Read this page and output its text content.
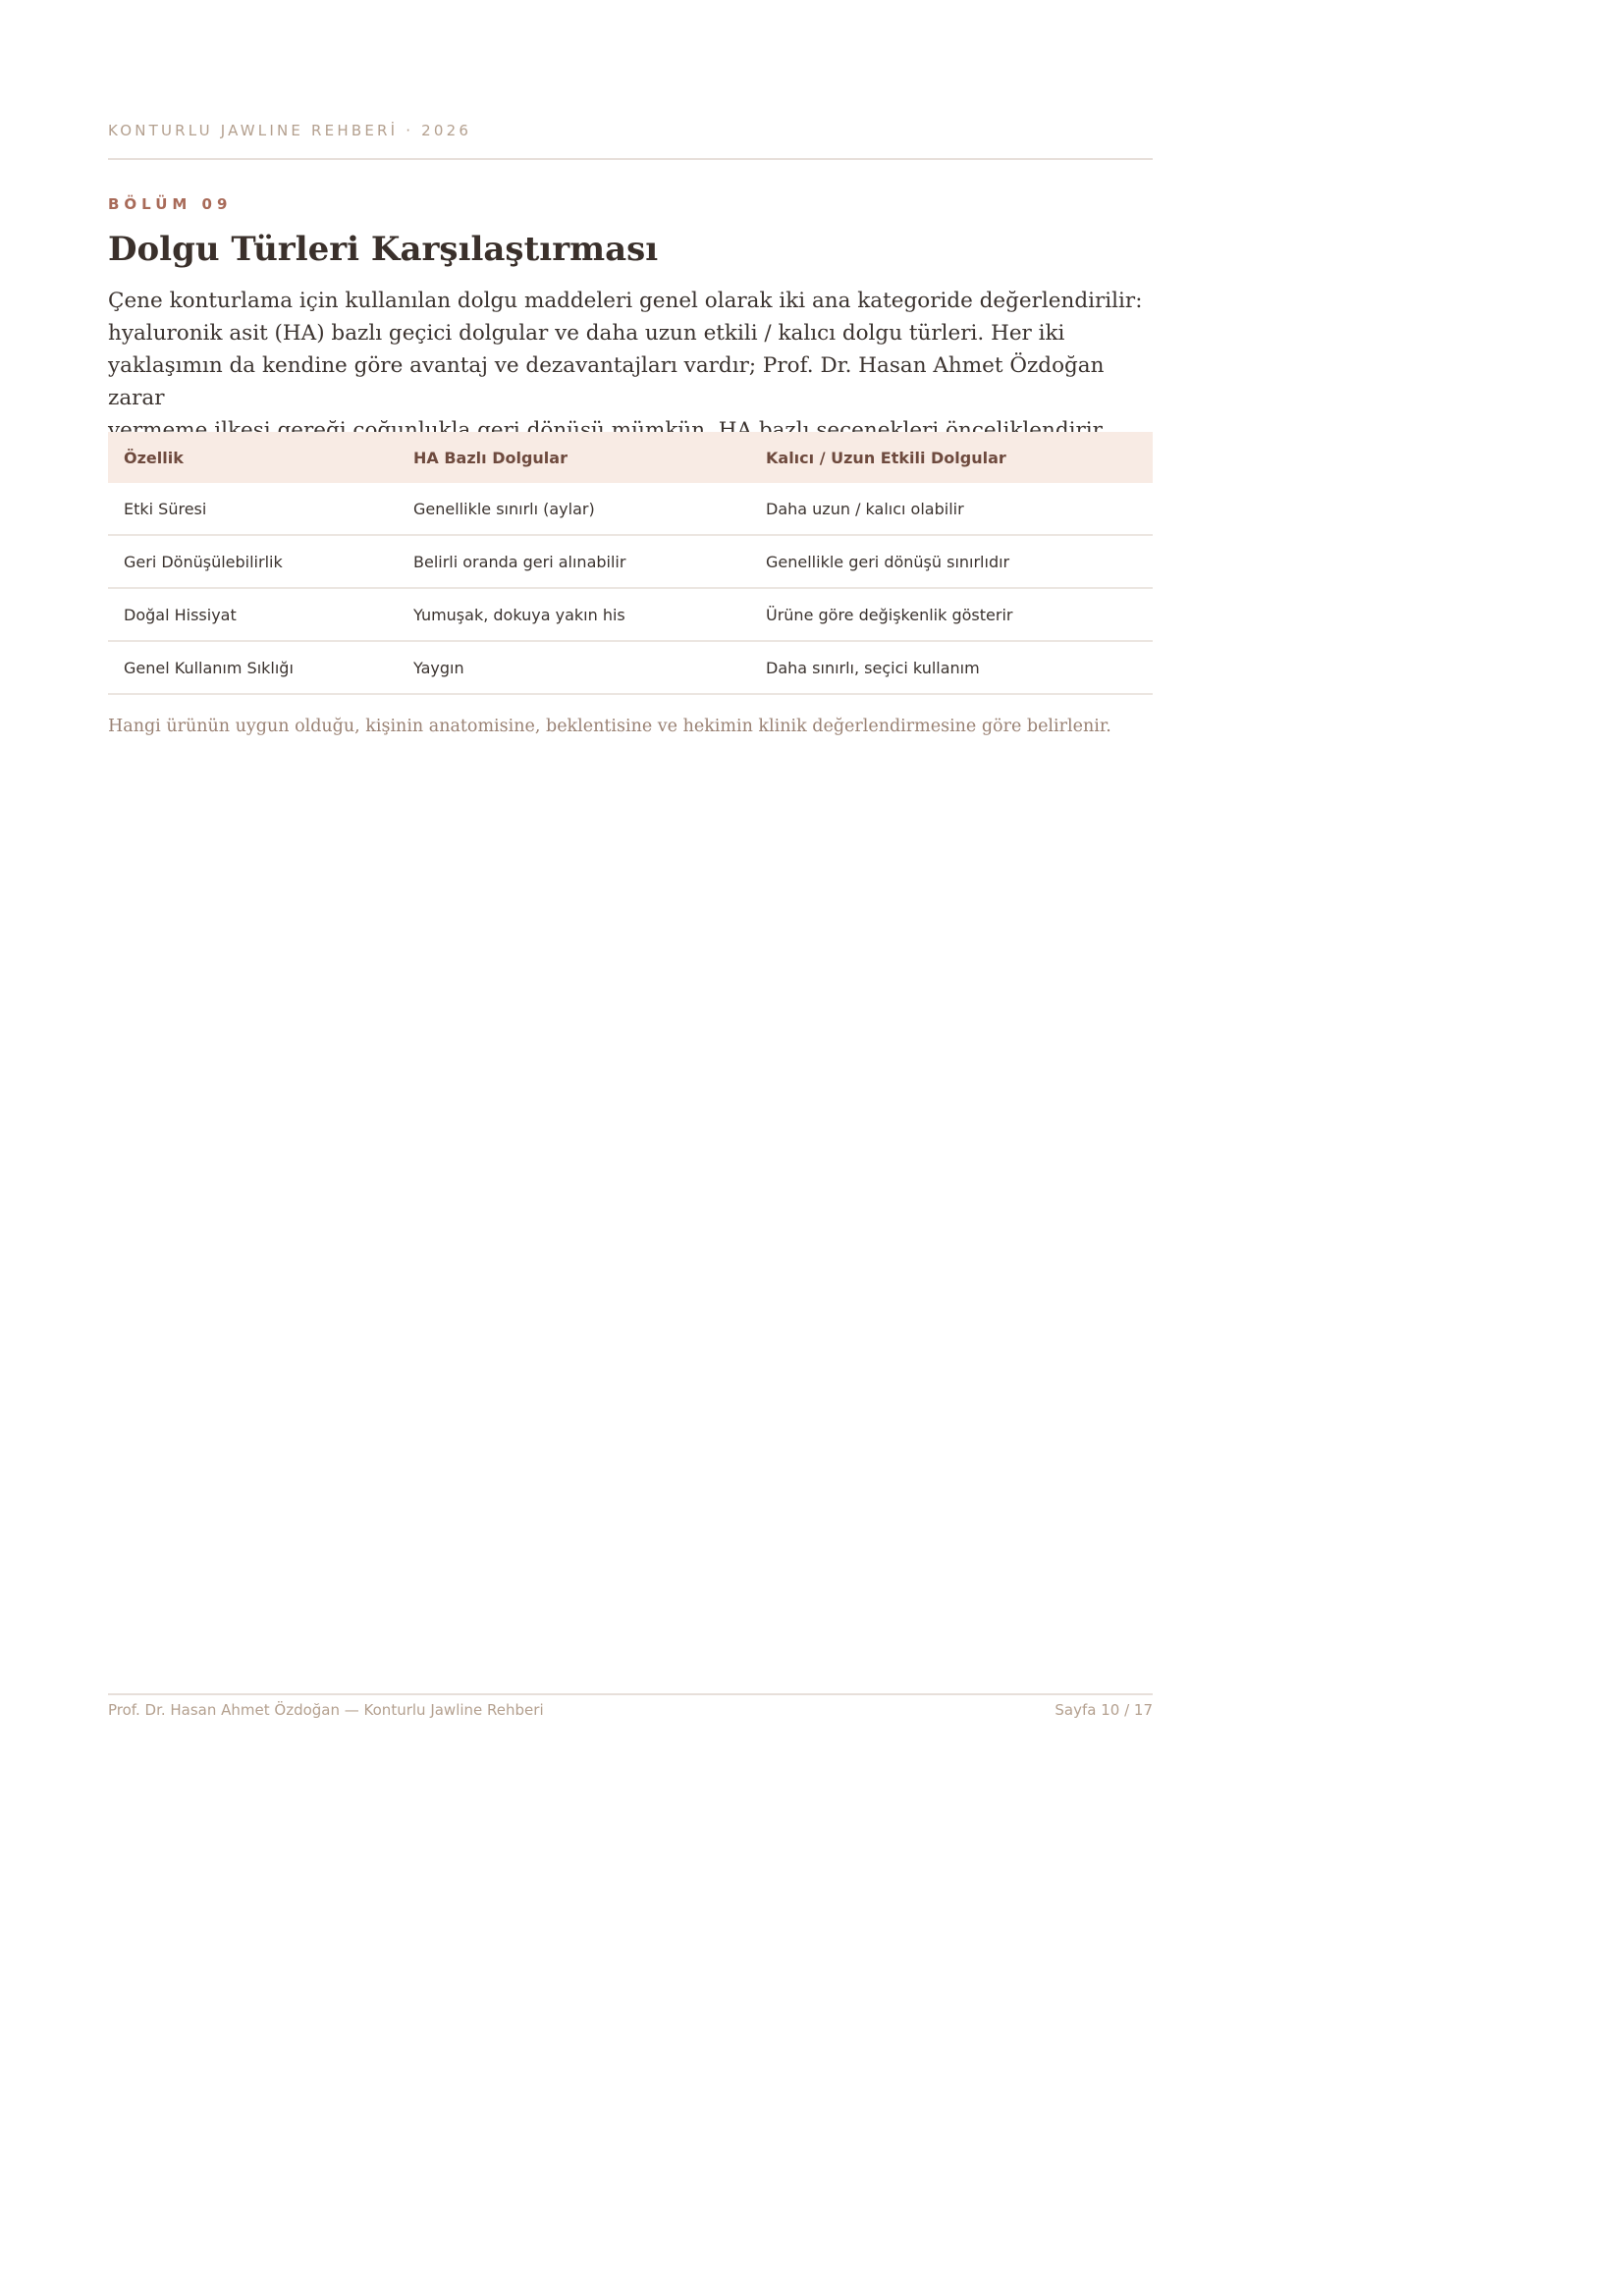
KONTURLU JAWLINE REHBERİ · 2026
BÖLÜM 09
Dolgu Türleri Karşılaştırması

Çene konturlama için kullanılan dolgu maddeleri genel olarak iki ana kategoride değerlendirilir:
hyaluronik asit (HA) bazlı geçici dolgular ve daha uzun etkili / kalıcı dolgu türleri. Her iki
yaklaşımın da kendine göre avantaj ve dezavantajları vardır; Prof. Dr. Hasan Ahmet Özdoğan zarar
vermeme ilkesi gereği çoğunlukla geri dönüşü mümkün, HA bazlı seçenekleri önceliklendirir.

Özellik	HA Bazlı Dolgular	Kalıcı / Uzun Etkili Dolgular
Etki Süresi	Genellikle sınırlı (aylar)	Daha uzun / kalıcı olabilir
Geri Dönüşülebilirlik	Belirli oranda geri alınabilir	Genellikle geri dönüşü sınırlıdır
Doğal Hissiyat	Yumuşak, dokuya yakın his	Ürüne göre değişkenlik gösterir
Genel Kullanım Sıklığı	Yaygın	Daha sınırlı, seçici kullanım

Hangi ürünün uygun olduğu, kişinin anatomisine, beklentisine ve hekimin klinik değerlendirmesine göre belirlenir.

Prof. Dr. Hasan Ahmet Özdoğan — Konturlu Jawline Rehberi	Sayfa 10 / 17
